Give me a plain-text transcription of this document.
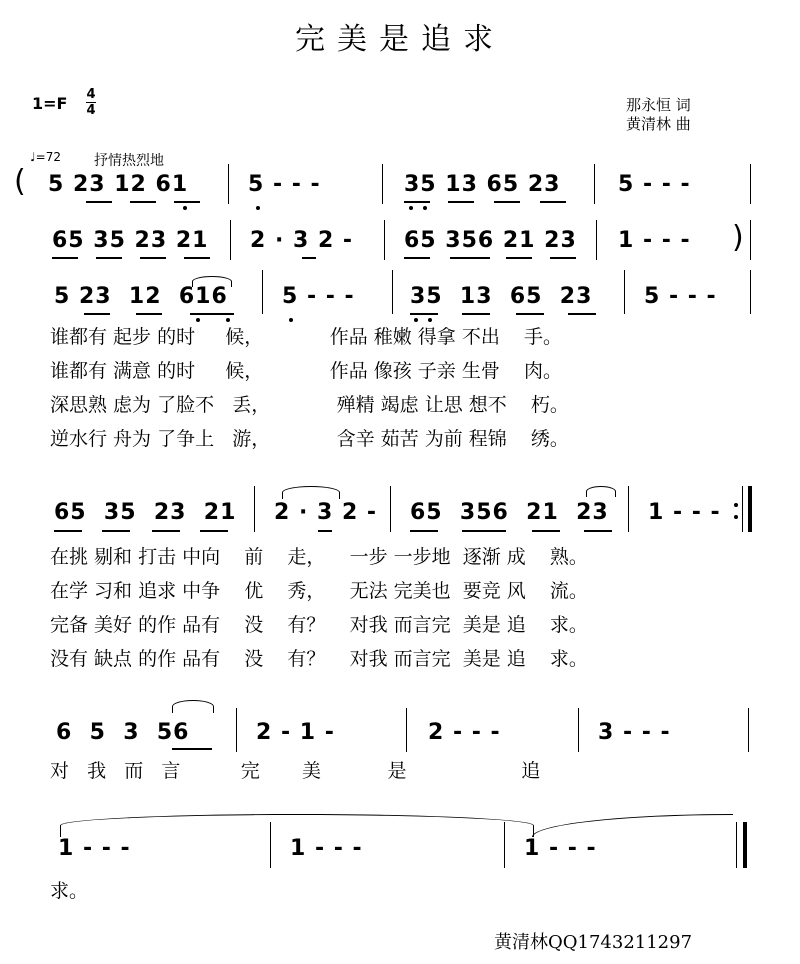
完美是追求
1=F 4
4	那永恒 词
黄清林 曲
♩=72 抒情热烈地
( 5 23 12 61	5 - - -	35 13 65 23	5 - - -
65 35 23 21 2 · 3 2 - 65 356 21 23 1 - - - )
5 23  12  616 5 - - -	35  13  65  23 5 - - -
谁都有 起步 的时     候，           作品 稚嫩 得拿 不出    手。
谁都有 满意 的时     候，           作品 像孩 子亲 生骨    肉。
深思熟 虑为 了脸不   丢，           殚精 竭虑 让思 想不    朽。
逆水行 舟为 了争上   游，           含辛 茹苦 为前 程锦    绣。
65  35  23  21 2 · 3 2 - 65  356  21  23 1 - - -
在挑 剔和 打击 中向    前    走，    一步 一步地  逐渐 成    熟。
在学 习和 追求 中争    优    秀，    无法 完美也  要竞 风    流。
完备 美好 的作 品有    没    有？    对我 而言完  美是 追    求。
没有 缺点 的作 品有    没    有？    对我 而言完  美是 追    求。
6  5  3  56	2 - 1 -	2 - - -	3 - - -
对   我   而   言          完       美           是                   追
1 - - -	1 - - -	1 - - -
求。
黄清林QQ1743211297
